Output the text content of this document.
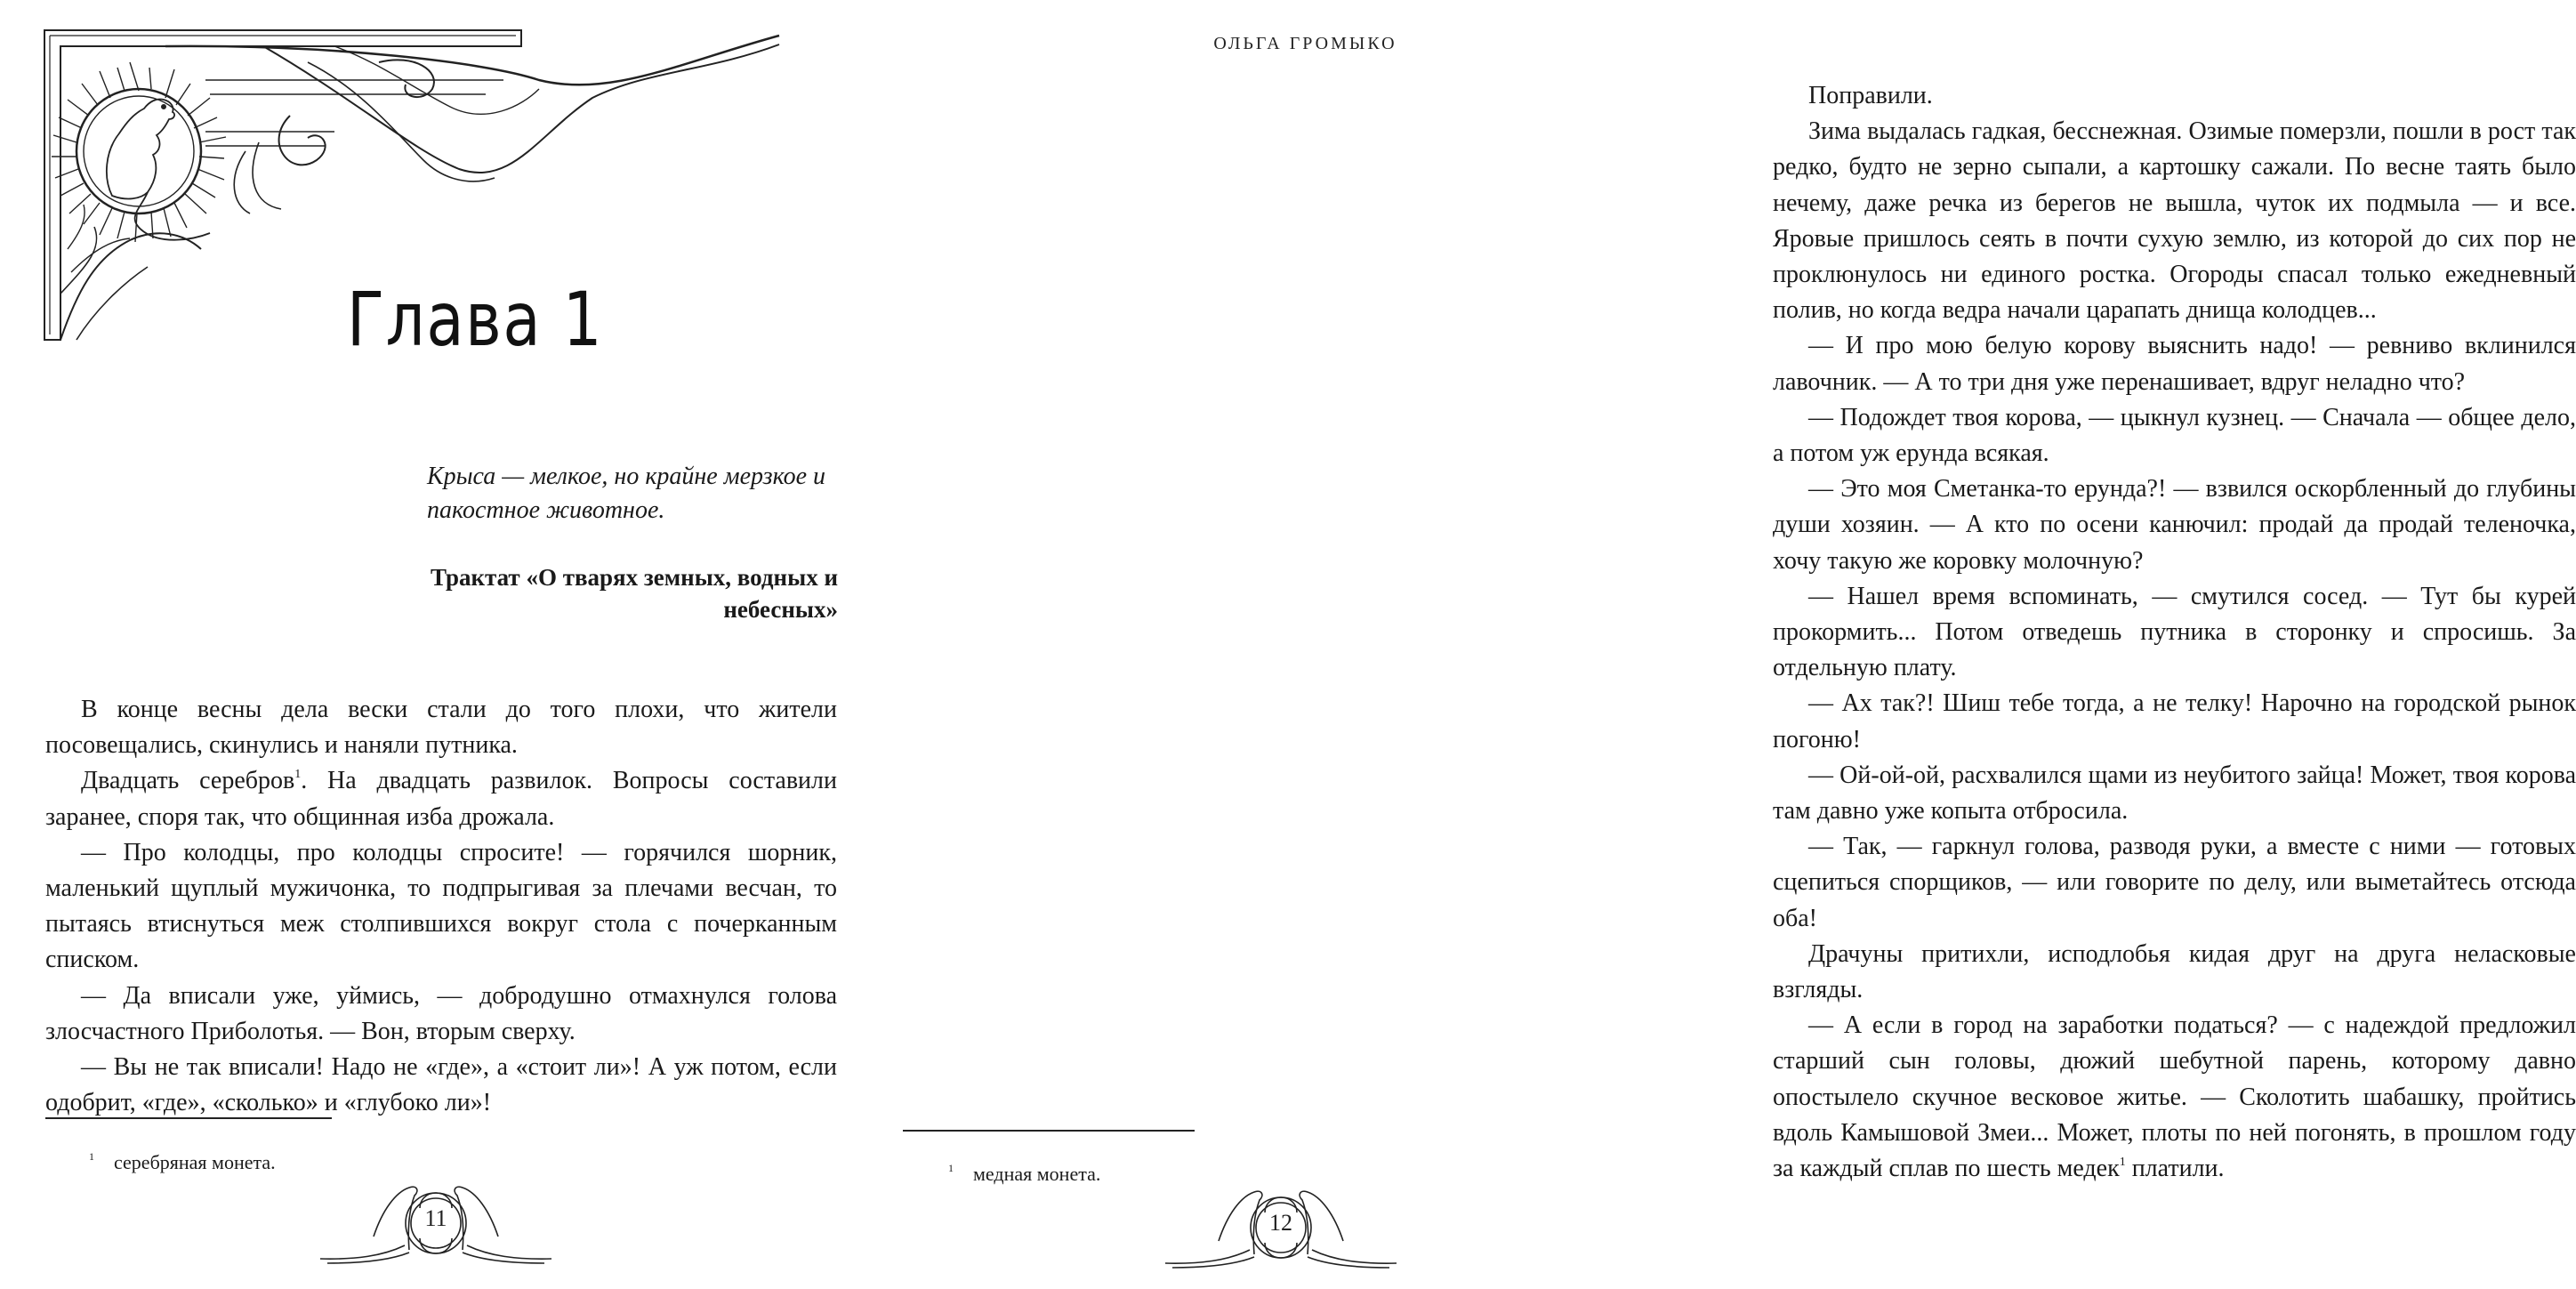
Глава 1

Крыса — мелкое, но крайне мерзкое и пакостное животное.

Трактат «О тварях земных, водных и небесных»

В конце весны дела вески стали до того плохи, что жители посовещались, скинулись и наняли путника.

Двадцать серебров$^1$. На двадцать развилок. Вопросы составили заранее, споря так, что общинная изба дрожала.

— Про колодцы, про колодцы спросите! — горячился шорник, маленький щуплый мужичонка, то подпрыгивая за плечами весчан, то пытаясь втиснуться меж столпившихся вокруг стола с почерканным списком.

— Да вписали уже, уймись, — добродушно отмахнулся голова злосчастного Приболотья. — Вон, вторым сверху.

— Вы не так вписали! Надо не «где», а «стоит ли»! А уж потом, если одобрит, «где», «сколько» и «глубоко ли»!

$^1$ серебряная монета.
11
ОЛЬГА ГРОМЫКО

Поправили.

Зима выдалась гадкая, бесснежная. Озимые померзли, пошли в рост так редко, будто не зерно сыпали, а картошку сажали. По весне таять было нечему, даже речка из берегов не вышла, чуток их подмыла — и все. Яровые пришлось сеять в почти сухую землю, из которой до сих пор не проклюнулось ни единого ростка. Огороды спасал только ежедневный полив, но когда ведра начали царапать днища колодцев...

— И про мою белую корову выяснить надо! — ревниво вклинился лавочник. — А то три дня уже перенашивает, вдруг неладно что?

— Подождет твоя корова, — цыкнул кузнец. — Сначала — общее дело, а потом уж ерунда всякая.

— Это моя Сметанка-то ерунда?! — взвился оскорбленный до глубины души хозяин. — А кто по осени канючил: продай да продай теленочка, хочу такую же коровку молочную?

— Нашел время вспоминать, — смутился сосед. — Тут бы курей прокормить... Потом отведешь путника в сторонку и спросишь. За отдельную плату.

— Ах так?! Шиш тебе тогда, а не телку! Нарочно на городской рынок погоню!

— Ой-ой-ой, расхвалился щами из неубитого зайца! Может, твоя корова там давно уже копыта отбросила.

— Так, — гаркнул голова, разводя руки, а вместе с ними — готовых сцепиться спорщиков, — или говорите по делу, или выметайтесь отсюда оба!

Драчуны притихли, исподлобья кидая друг на друга неласковые взгляды.

— А если в город на заработки податься? — с надеждой предложил старший сын головы, дюжий шебутной парень, которому давно опостылело скучное весковое житье. — Сколотить шабашку, пройтись вдоль Камышовой Змеи... Может, плоты по ней погонять, в прошлом году за каждый сплав по шесть медек$^1$ платили.

$^1$ медная монета.
12
